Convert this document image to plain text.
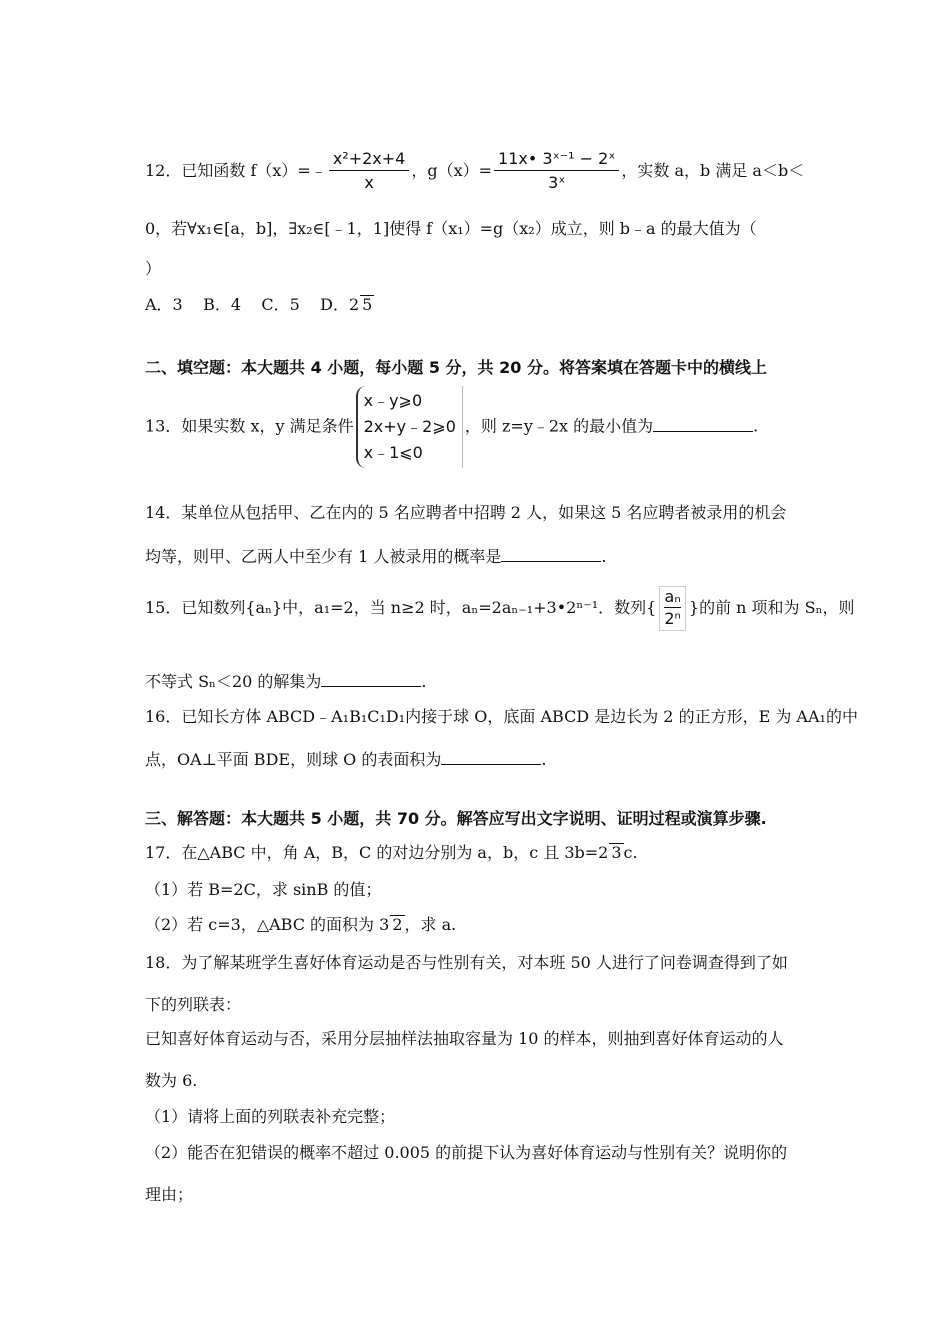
12．已知函数 f（x）=﹣ $\frac{\text{x²+2x+4}}{x}$ ，$g(x)= \frac{\text{11x• 3ˣ⁻¹ − 2ˣ}}{\text{3ˣ}}$ ，实数 a，b 满足 a＜b＜
0，若∀x₁∈[a，b]，∃x₂∈[﹣1，1]使得 f（x₁）=g（x₂）成立，则 b﹣a 的最大值为（
）
A．3    B．4    C．5    D．2 5
二、填空题：本大题共 4 小题，每小题 5 分，共 20 分。将答案填在答题卡中的横线上
13．如果实数 x，y 满足条件
x﹣y⩾0
2x+y﹣2⩾0
x﹣1⩽0
，则 z=y﹣2x 的最小值为	.
14．某单位从包括甲、乙在内的 5 名应聘者中招聘 2 人，如果这 5 名应聘者被录用的机会
均等，则甲、乙两人中至少有 1 人被录用的概率是	.
15．已知数列{aₙ}中，a₁=2，当 n≥2 时，aₙ=2aₙ₋₁+3•2ⁿ⁻¹．数列{ $\frac{\text{aₙ}}{\text{2ⁿ}}$ }的前 n 项和为 Sₙ，则
不等式 Sₙ＜20 的解集为	.
16．已知长方体 ABCD﹣A₁B₁C₁D₁内接于球 O，底面 ABCD 是边长为 2 的正方形，E 为 AA₁的中
点，OA⊥平面 BDE，则球 O 的表面积为	.
三、解答题：本大题共 5 小题，共 70 分。解答应写出文字说明、证明过程或演算步骤.
17．在△ABC 中，角 A，B，C 的对边分别为 a，b，c 且 3b=2 3 c.
（1）若 B=2C，求 sinB 的值；
（2）若 c=3，△ABC 的面积为 3 2 ，求 a.
18．为了解某班学生喜好体育运动是否与性别有关，对本班 50 人进行了问卷调查得到了如
下的列联表：
已知喜好体育运动与否，采用分层抽样法抽取容量为 10 的样本，则抽到喜好体育运动的人
数为 6.
（1）请将上面的列联表补充完整；
（2）能否在犯错误的概率不超过 0.005 的前提下认为喜好体育运动与性别有关？说明你的
理由；
